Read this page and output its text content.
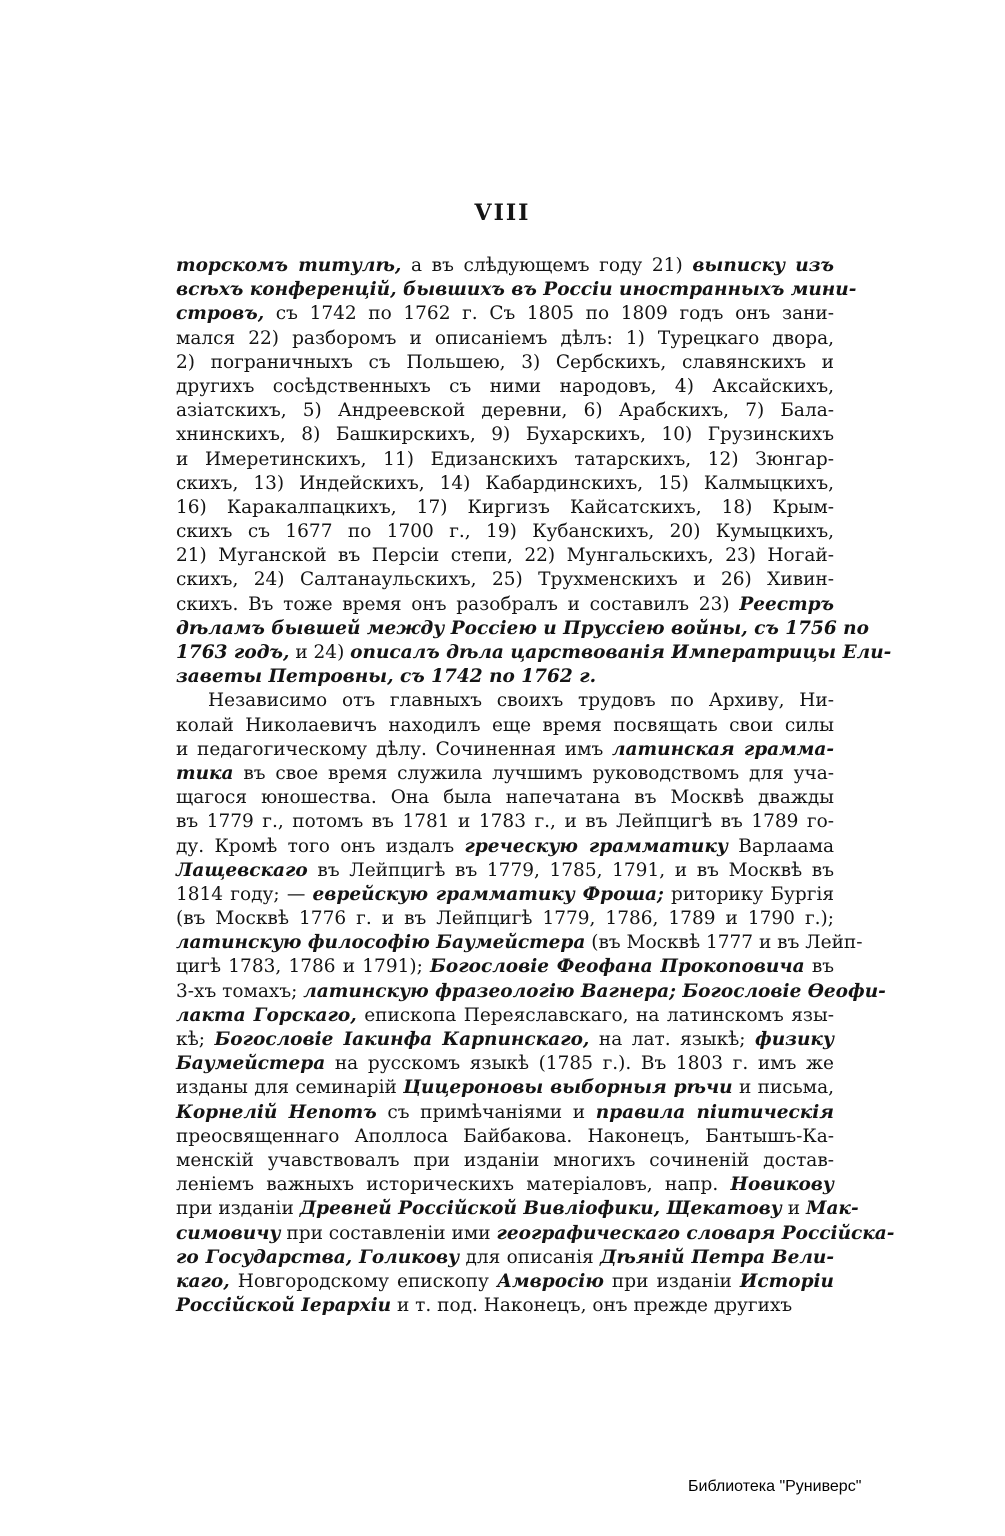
VIII
торскомъ титулѣ, а въ слѣдующемъ году 21) выписку изъ
всѣхъ конференцій, бывшихъ въ Россіи иностранныхъ мини-
стровъ, съ 1742 по 1762 г. Съ 1805 по 1809 годъ онъ зани-
мался 22) разборомъ и описаніемъ дѣлъ: 1) Турецкаго двора,
2) пограничныхъ съ Польшею, 3) Сербскихъ, славянскихъ и
другихъ сосѣдственныхъ съ ними народовъ, 4) Аксайскихъ,
азіатскихъ, 5) Андреевской деревни, 6) Арабскихъ, 7) Бала-
хнинскихъ, 8) Башкирскихъ, 9) Бухарскихъ, 10) Грузинскихъ
и Имеретинскихъ, 11) Едизанскихъ татарскихъ, 12) Зюнгар-
скихъ, 13) Индейскихъ, 14) Кабардинскихъ, 15) Калмыцкихъ,
16) Каракалпацкихъ, 17) Киргизъ Кайсатскихъ, 18) Крым-
скихъ съ 1677 по 1700 г., 19) Кубанскихъ, 20) Кумыцкихъ,
21) Муганской въ Персіи степи, 22) Мунгальскихъ, 23) Ногай-
скихъ, 24) Салтанаульскихъ, 25) Трухменскихъ и 26) Хивин-
скихъ. Въ тоже время онъ разобралъ и составилъ 23) Реестръ
дѣламъ бывшей между Россіею и Пруссіею войны, съ 1756 по
1763 годъ, и 24) описалъ дѣла царствованія Императрицы Ели-
заветы Петровны, съ 1742 по 1762 г.
Независимо отъ главныхъ своихъ трудовъ по Архиву, Ни-
колай Николаевичъ находилъ еще время посвящать свои силы
и педагогическому дѣлу. Сочиненная имъ латинская грамма-
тика въ свое время служила лучшимъ руководствомъ для уча-
щагося юношества. Она была напечатана въ Москвѣ дважды
въ 1779 г., потомъ въ 1781 и 1783 г., и въ Лейпцигѣ въ 1789 го-
ду. Кромѣ того онъ издалъ греческую грамматику Варлаама
Лащевскаго въ Лейпцигѣ въ 1779, 1785, 1791, и въ Москвѣ въ
1814 году; — еврейскую грамматику Фроша; риторику Бургія
(въ Москвѣ 1776 г. и въ Лейпцигѣ 1779, 1786, 1789 и 1790 г.);
латинскую философію Баумейстера (въ Москвѣ 1777 и въ Лейп-
цигѣ 1783, 1786 и 1791); Богословіе Феофана Прокоповича въ
3-хъ томахъ; латинскую фразеологію Вагнера; Богословіе Ѳеофи-
лакта Горскаго, епископа Переяславскаго, на латинскомъ язы-
кѣ; Богословіе Іакинфа Карпинскаго, на лат. языкѣ; физику
Баумейстера на русскомъ языкѣ (1785 г.). Въ 1803 г. имъ же
изданы для семинарій Цицероновы выборныя рѣчи и письма,
Корнелій Непотъ съ примѣчаніями и правила піитическія
преосвященнаго Аполлоса Байбакова. Наконецъ, Бантышъ-Ка-
менскій учавствовалъ при изданіи многихъ сочиненій достав-
леніемъ важныхъ историческихъ матеріаловъ, напр. Новикову
при изданіи Древней Россійской Вивліофики, Щекатову и Мак-
симовичу при составленіи ими географическаго словаря Россійска-
го Государства, Голикову для описанія Дѣяній Петра Вели-
каго, Новгородскому епископу Амвросію при изданіи Исторіи
Россійской Іерархіи и т. под. Наконецъ, онъ прежде другихъ
Библиотека "Руниверс"
